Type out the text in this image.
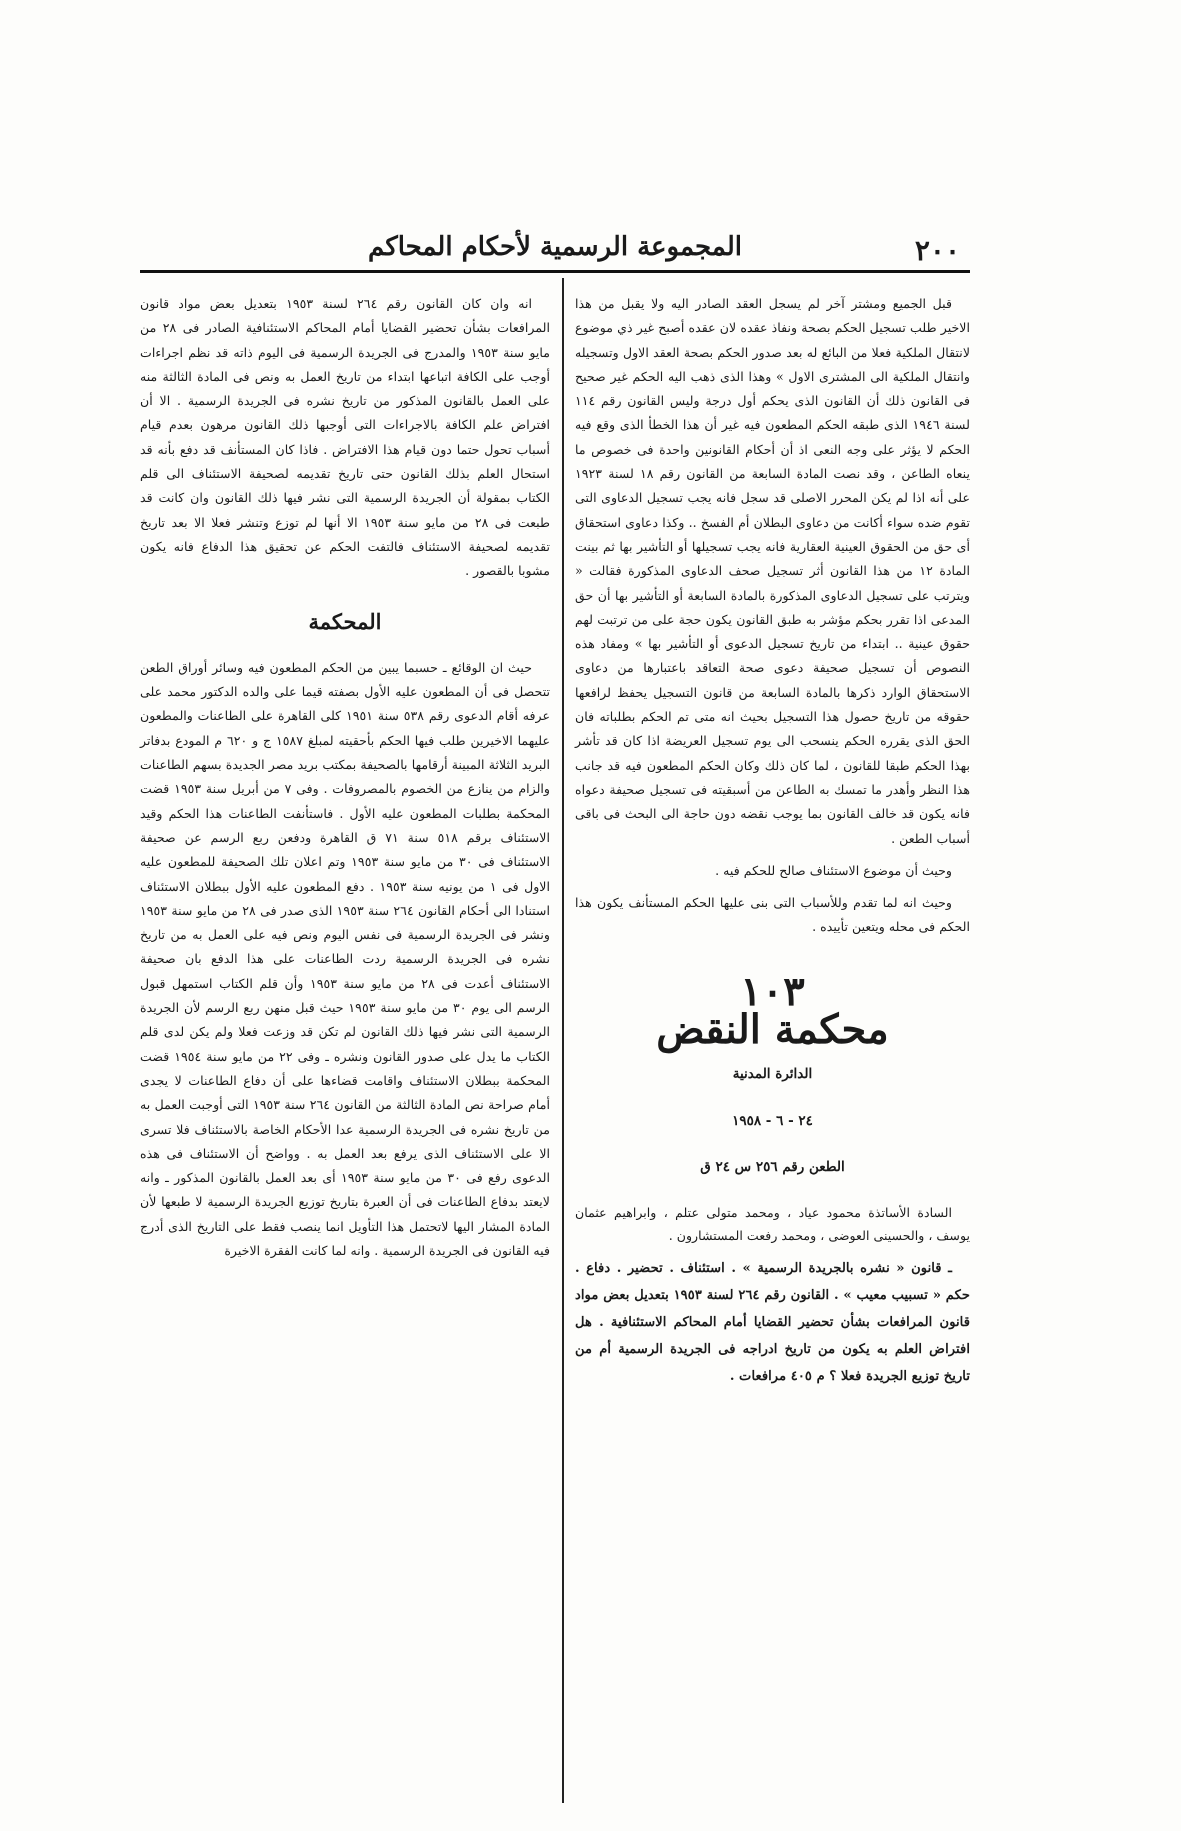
٢٠٠
المجموعة الرسمية لأحكام المحاكم

قبل الجميع ومشتر آخر لم يسجل العقد الصادر اليه ولا يقبل من هذا الاخير طلب تسجيل الحكم بصحة ونفاذ عقده لان عقده أصبح غير ذي موضوع لانتقال الملكية فعلا من البائع له بعد صدور الحكم بصحة العقد الاول وتسجيله وانتقال الملكية الى المشترى الاول » وهذا الذى ذهب اليه الحكم غير صحيح فى القانون ذلك أن القانون الذى يحكم أول درجة وليس القانون رقم ١١٤ لسنة ١٩٤٦ الذى طبقه الحكم المطعون فيه غير أن هذا الخطأ الذى وقع فيه الحكم لا يؤثر على وجه النعى اذ أن أحكام القانونين واحدة فى خصوص ما ينعاه الطاعن ، وقد نصت المادة السابعة من القانون رقم ١٨ لسنة ١٩٢٣ على أنه اذا لم يكن المحرر الاصلى قد سجل فانه يجب تسجيل الدعاوى التى تقوم ضده سواء أكانت من دعاوى البطلان أم الفسخ .. وكذا دعاوى استحقاق أى حق من الحقوق العينية العقارية فانه يجب تسجيلها أو التأشير بها ثم بينت المادة ١٢ من هذا القانون أثر تسجيل صحف الدعاوى المذكورة فقالت « ويترتب على تسجيل الدعاوى المذكورة بالمادة السابعة أو التأشير بها أن حق المدعى اذا تقرر بحكم مؤشر به طبق القانون يكون حجة على من ترتبت لهم حقوق عينية .. ابتداء من تاريخ تسجيل الدعوى أو التأشير بها » ومفاد هذه النصوص أن تسجيل صحيفة دعوى صحة التعاقد باعتبارها من دعاوى الاستحقاق الوارد ذكرها بالمادة السابعة من قانون التسجيل يحفظ لرافعها حقوقه من تاريخ حصول هذا التسجيل بحيث انه متى تم الحكم بطلباته فان الحق الذى يقرره الحكم ينسحب الى يوم تسجيل العريضة اذا كان قد تأشر بهذا الحكم طبقا للقانون ، لما كان ذلك وكان الحكم المطعون فيه قد جانب هذا النظر وأهدر ما تمسك به الطاعن من أسبقيته فى تسجيل صحيفة دعواه فانه يكون قد خالف القانون بما يوجب نقضه دون حاجة الى البحث فى باقى أسباب الطعن .

وحيث أن موضوع الاستئناف صالح للحكم فيه .

وحيث انه لما تقدم وللأسباب التى بنى عليها الحكم المستأنف يكون هذا الحكم فى محله ويتعين تأييده .

١٠٣
محكمة النقض
الدائرة المدنية
٢٤ - ٦ - ١٩٥٨
الطعن رقم ٢٥٦ س ٢٤ ق

السادة الأساتذة محمود عياد ، ومحمد متولى عتلم ، وابراهيم عثمان يوسف ، والحسينى العوضى ، ومحمد رفعت المستشارون .

ـ قانون « نشره بالجريدة الرسمية » . استئناف . تحضير . دفاع . حكم « تسبيب معيب » . القانون رقم ٢٦٤ لسنة ١٩٥٣ بتعديل بعض مواد قانون المرافعات بشأن تحضير القضايا أمام المحاكم الاستئنافية . هل افتراض العلم به يكون من تاريخ ادراجه فى الجريدة الرسمية أم من تاريخ توزيع الجريدة فعلا ؟ م ٤٠٥ مرافعات .

انه وان كان القانون رقم ٢٦٤ لسنة ١٩٥٣ بتعديل بعض مواد قانون المرافعات بشأن تحضير القضايا أمام المحاكم الاستئنافية الصادر فى ٢٨ من مايو سنة ١٩٥٣ والمدرج فى الجريدة الرسمية فى اليوم ذاته قد نظم اجراءات أوجب على الكافة اتباعها ابتداء من تاريخ العمل به ونص فى المادة الثالثة منه على العمل بالقانون المذكور من تاريخ نشره فى الجريدة الرسمية . الا أن افتراض علم الكافة بالاجراءات التى أوجبها ذلك القانون مرهون بعدم قيام أسباب تحول حتما دون قيام هذا الافتراض . فاذا كان المستأنف قد دفع بأنه قد استحال العلم بذلك القانون حتى تاريخ تقديمه لصحيفة الاستئناف الى قلم الكتاب بمقولة أن الجريدة الرسمية التى نشر فيها ذلك القانون وان كانت قد طبعت فى ٢٨ من مايو سنة ١٩٥٣ الا أنها لم توزع وتنشر فعلا الا بعد تاريخ تقديمه لصحيفة الاستئناف فالتفت الحكم عن تحقيق هذا الدفاع فانه يكون مشوبا بالقصور .

المحكمة

حيث ان الوقائع ـ حسبما يبين من الحكم المطعون فيه وسائر أوراق الطعن تتحصل فى أن المطعون عليه الأول بصفته قيما على والده الدكتور محمد على عرفه أقام الدعوى رقم ٥٣٨ سنة ١٩٥١ كلى القاهرة على الطاعنات والمطعون عليهما الاخيرين طلب فيها الحكم بأحقيته لمبلغ ١٥٨٧ ج و ٦٢٠ م المودع بدفاتر البريد الثلاثة المبينة أرقامها بالصحيفة بمكتب بريد مصر الجديدة بسهم الطاعنات والزام من ينازع من الخصوم بالمصروفات . وفى ٧ من أبريل سنة ١٩٥٣ قضت المحكمة بطلبات المطعون عليه الأول . فاستأنفت الطاعنات هذا الحكم وقيد الاستئناف برقم ٥١٨ سنة ٧١ ق القاهرة ودفعن ربع الرسم عن صحيفة الاستئناف فى ٣٠ من مايو سنة ١٩٥٣ وتم اعلان تلك الصحيفة للمطعون عليه الاول فى ١ من يونيه سنة ١٩٥٣ . دفع المطعون عليه الأول ببطلان الاستئناف استنادا الى أحكام القانون ٢٦٤ سنة ١٩٥٣ الذى صدر فى ٢٨ من مايو سنة ١٩٥٣ ونشر فى الجريدة الرسمية فى نفس اليوم ونص فيه على العمل به من تاريخ نشره فى الجريدة الرسمية ردت الطاعنات على هذا الدفع بان صحيفة الاستئناف أعدت فى ٢٨ من مايو سنة ١٩٥٣ وأن قلم الكتاب استمهل قبول الرسم الى يوم ٣٠ من مايو سنة ١٩٥٣ حيث قبل منهن ربع الرسم لأن الجريدة الرسمية التى نشر فيها ذلك القانون لم تكن قد وزعت فعلا ولم يكن لدى قلم الكتاب ما يدل على صدور القانون ونشره ـ وفى ٢٢ من مايو سنة ١٩٥٤ قضت المحكمة ببطلان الاستئناف واقامت قضاءها على أن دفاع الطاعنات لا يجدى أمام صراحة نص المادة الثالثة من القانون ٢٦٤ سنة ١٩٥٣ التى أوجبت العمل به من تاريخ نشره فى الجريدة الرسمية عدا الأحكام الخاصة بالاستئناف فلا تسرى الا على الاستئناف الذى يرفع بعد العمل به . وواضح أن الاستئناف فى هذه الدعوى رفع فى ٣٠ من مايو سنة ١٩٥٣ أى بعد العمل بالقانون المذكور ـ وانه لايعتد بدفاع الطاعنات فى أن العبرة بتاريخ توزيع الجريدة الرسمية لا طبعها لأن المادة المشار اليها لاتحتمل هذا التأويل انما ينصب فقط على التاريخ الذى أدرج فيه القانون فى الجريدة الرسمية . وانه لما كانت الفقرة الاخيرة
